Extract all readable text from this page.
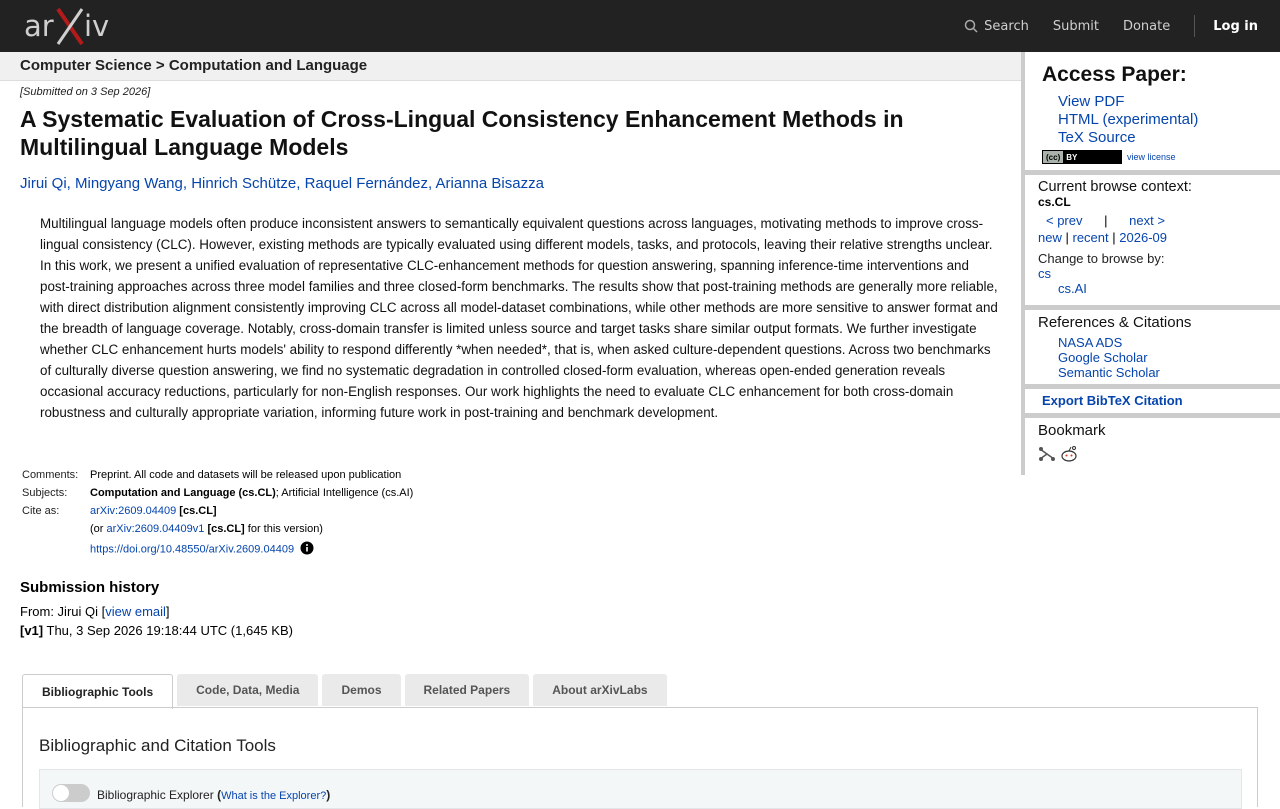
ar iv	Search Submit Donate	Log in
Computer Science > Computation and Language
[Submitted on 3 Sep 2026]
A Systematic Evaluation of Cross-Lingual Consistency Enhancement Methods in Multilingual Language Models
Jirui Qi, Mingyang Wang, Hinrich Schütze, Raquel Fernández, Arianna Bisazza
Multilingual language models often produce inconsistent answers to semantically equivalent questions across languages, motivating methods to improve cross-lingual consistency (CLC). However, existing methods are typically evaluated using different models, tasks, and protocols, leaving their relative strengths unclear. In this work, we present a unified evaluation of representative CLC-enhancement methods for question answering, spanning inference-time interventions and post-training approaches across three model families and three closed-form benchmarks. The results show that post-training methods are generally more reliable, with direct distribution alignment consistently improving CLC across all model-dataset combinations, while other methods are more sensitive to answer format and the breadth of language coverage. Notably, cross-domain transfer is limited unless source and target tasks share similar output formats. We further investigate whether CLC enhancement hurts models' ability to respond differently *when needed*, that is, when asked culture-dependent questions. Across two benchmarks of culturally diverse question answering, we find no systematic degradation in controlled closed-form evaluation, whereas open-ended generation reveals occasional accuracy reductions, particularly for non-English responses. Our work highlights the need to evaluate CLC enhancement for both cross-domain robustness and culturally appropriate variation, informing future work in post-training and benchmark development.
Comments:	Preprint. All code and datasets will be released upon publication
Subjects:	Computation and Language (cs.CL); Artificial Intelligence (cs.AI)
Cite as:	arXiv:2609.04409 [cs.CL]
	(or arXiv:2609.04409v1 [cs.CL] for this version)
	https://doi.org/10.48550/arXiv.2609.04409
Submission history
From: Jirui Qi [view email]
[v1] Thu, 3 Sep 2026 19:18:44 UTC (1,645 KB)
Bibliographic Tools	Code, Data, Media	Demos	Related Papers	About arXivLabs
Bibliographic and Citation Tools
Bibliographic Explorer (What is the Explorer?)
Access Paper:
View PDF
HTML (experimental)
TeX Source
(cc) BY	view license
Current browse context:
cs.CL
< prev | next >
new | recent | 2026-09
Change to browse by:
cs
cs.AI
References & Citations
NASA ADS
Google Scholar
Semantic Scholar
Export BibTeX Citation
Bookmark
